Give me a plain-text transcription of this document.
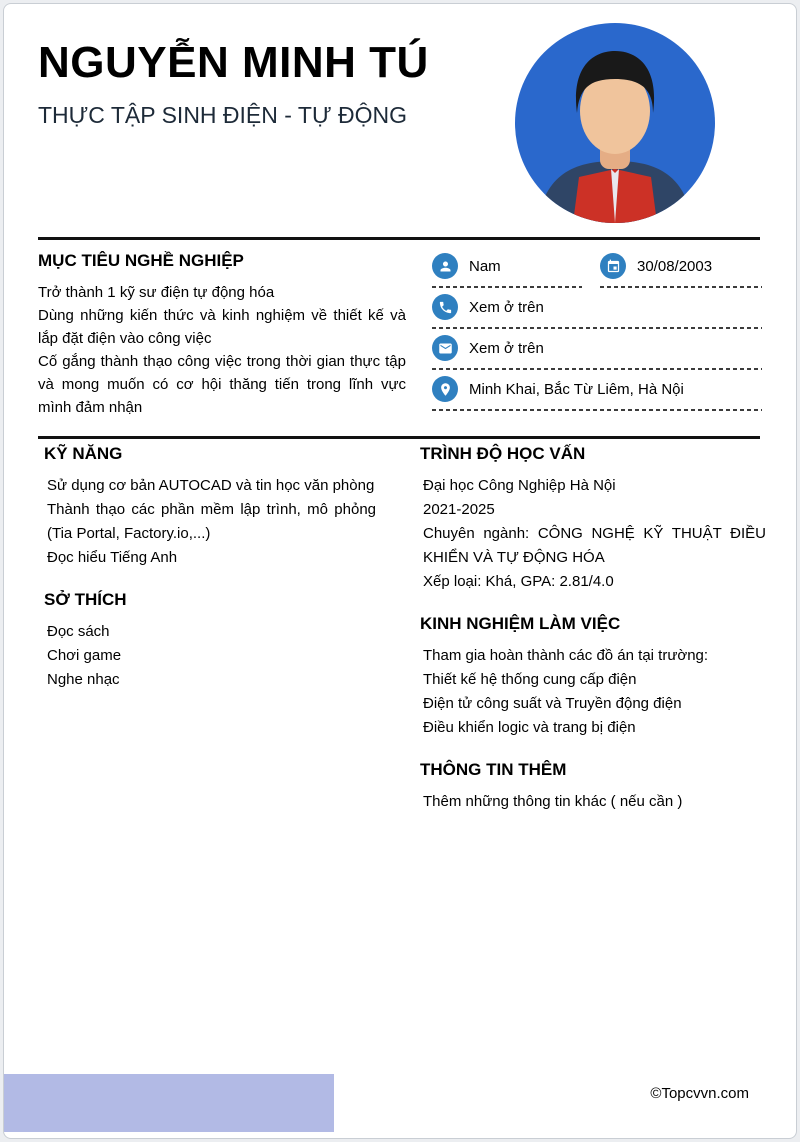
NGUYỄN MINH TÚ
THỰC TẬP SINH ĐIỆN - TỰ ĐỘNG
MỤC TIÊU NGHỀ NGHIỆP

Trở thành 1 kỹ sư điện tự động hóa

Dùng những kiến thức và kinh nghiệm về thiết kế và lắp đặt điện vào công việc

Cố gắng thành thạo công việc trong thời gian thực tập và mong muốn có cơ hội thăng tiến trong lĩnh vực mình đảm nhận

Nam	30/08/2003
Xem ở trên
Xem ở trên
Minh Khai, Bắc Từ Liêm, Hà Nội
KỸ NĂNG

Sử dụng cơ bản AUTOCAD và tin học văn phòng

Thành thạo các phần mềm lập trình, mô phỏng (Tia Portal, Factory.io,...)

Đọc hiểu Tiếng Anh

SỞ THÍCH

Đọc sách

Chơi game

Nghe nhạc

TRÌNH ĐỘ HỌC VẤN

Đại học Công Nghiệp Hà Nội

2021-2025

Chuyên ngành: CÔNG NGHỆ KỸ THUẬT ĐIỀU KHIỂN VÀ TỰ ĐỘNG HÓA

Xếp loại: Khá, GPA: 2.81/4.0

KINH NGHIỆM LÀM VIỆC

Tham gia hoàn thành các đồ án tại trường:

Thiết kế hệ thống cung cấp điện

Điện tử công suất và Truyền động điện

Điều khiển logic và trang bị điện

THÔNG TIN THÊM

Thêm những thông tin khác ( nếu cần )

©Topcvvn.com
